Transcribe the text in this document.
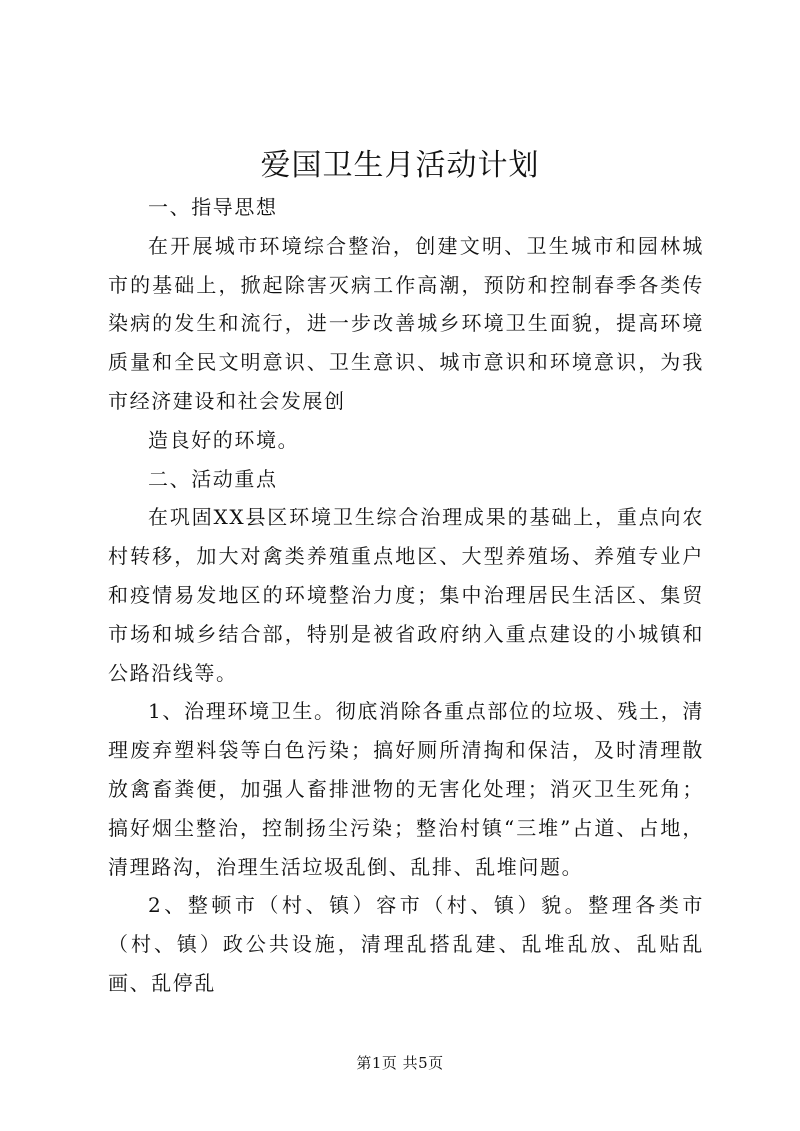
爱国卫生月活动计划

一、指导思想

在开展城市环境综合整治，创建文明、卫生城市和园林城市的基础上，掀起除害灭病工作高潮，预防和控制春季各类传染病的发生和流行，进一步改善城乡环境卫生面貌，提高环境质量和全民文明意识、卫生意识、城市意识和环境意识，为我市经济建设和社会发展创

造良好的环境。

二、活动重点

在巩固XX县区环境卫生综合治理成果的基础上，重点向农村转移，加大对禽类养殖重点地区、大型养殖场、养殖专业户和疫情易发地区的环境整治力度；集中治理居民生活区、集贸市场和城乡结合部，特别是被省政府纳入重点建设的小城镇和公路沿线等。

1、治理环境卫生。彻底消除各重点部位的垃圾、残土，清理废弃塑料袋等白色污染；搞好厕所清掏和保洁，及时清理散放禽畜粪便，加强人畜排泄物的无害化处理；消灭卫生死角；搞好烟尘整治，控制扬尘污染；整治村镇“三堆”占道、占地，清理路沟，治理生活垃圾乱倒、乱排、乱堆问题。

2、整顿市（村、镇）容市（村、镇）貌。整理各类市（村、镇）政公共设施，清理乱搭乱建、乱堆乱放、乱贴乱画、乱停乱

第1页 共5页
